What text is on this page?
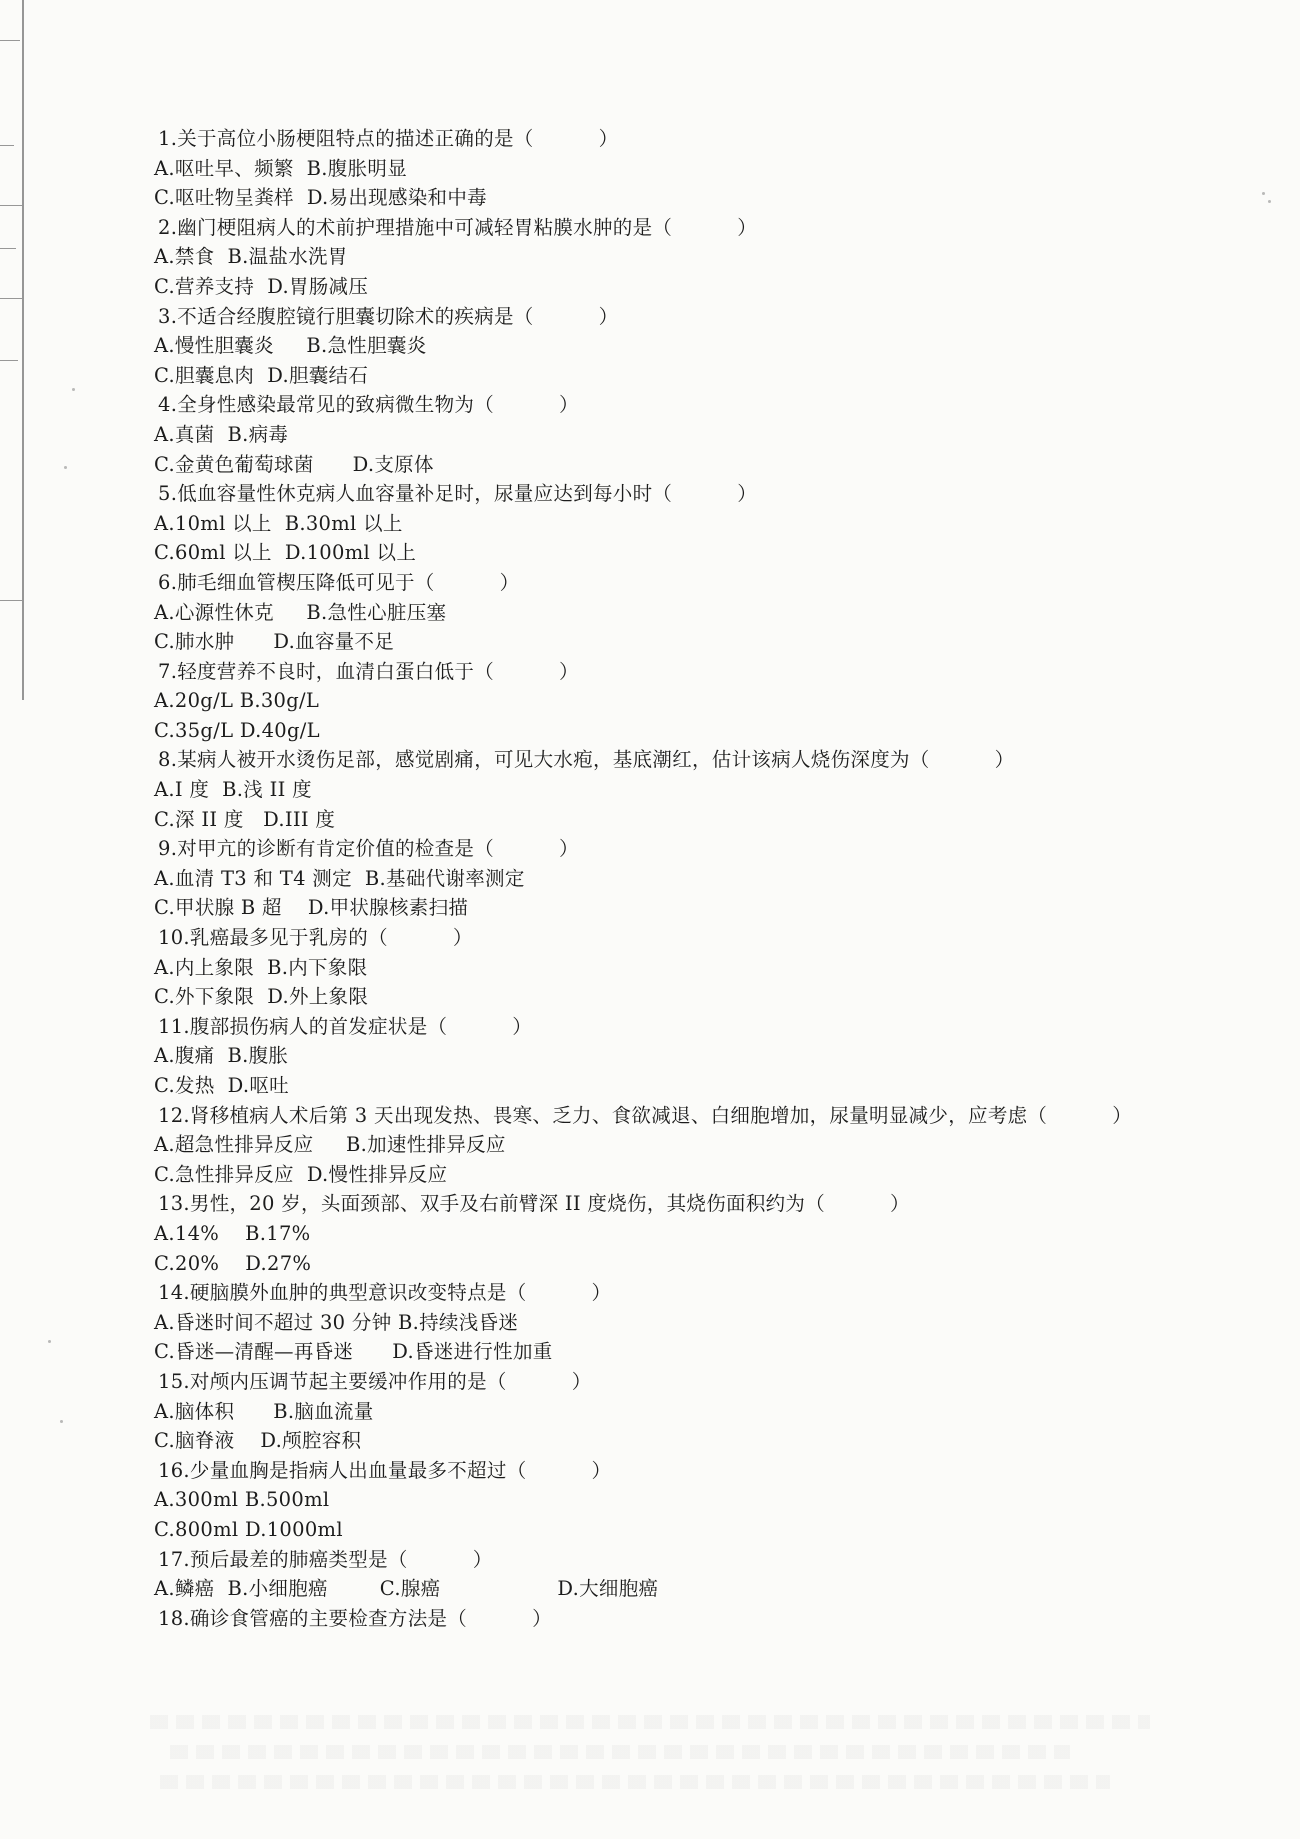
1.关于高位小肠梗阻特点的描述正确的是（          ）
A.呕吐早、频繁  B.腹胀明显
C.呕吐物呈粪样  D.易出现感染和中毒
2.幽门梗阻病人的术前护理措施中可减轻胃粘膜水肿的是（          ）
A.禁食  B.温盐水洗胃
C.营养支持  D.胃肠减压
3.不适合经腹腔镜行胆囊切除术的疾病是（          ）
A.慢性胆囊炎     B.急性胆囊炎
C.胆囊息肉  D.胆囊结石
4.全身性感染最常见的致病微生物为（          ）
A.真菌  B.病毒
C.金黄色葡萄球菌      D.支原体
5.低血容量性休克病人血容量补足时，尿量应达到每小时（          ）
A.10ml 以上  B.30ml 以上
C.60ml 以上  D.100ml 以上
6.肺毛细血管楔压降低可见于（          ）
A.心源性休克     B.急性心脏压塞
C.肺水肿      D.血容量不足
7.轻度营养不良时，血清白蛋白低于（          ）
A.20g/L B.30g/L
C.35g/L D.40g/L
8.某病人被开水烫伤足部，感觉剧痛，可见大水疱，基底潮红，估计该病人烧伤深度为（          ）
A.I 度  B.浅 II 度
C.深 II 度   D.III 度
9.对甲亢的诊断有肯定价值的检查是（          ）
A.血清 T3 和 T4 测定  B.基础代谢率测定
C.甲状腺 B 超    D.甲状腺核素扫描
10.乳癌最多见于乳房的（          ）
A.内上象限  B.内下象限
C.外下象限  D.外上象限
11.腹部损伤病人的首发症状是（          ）
A.腹痛  B.腹胀
C.发热  D.呕吐
12.肾移植病人术后第 3 天出现发热、畏寒、乏力、食欲减退、白细胞增加，尿量明显减少，应考虑（          ）
A.超急性排异反应     B.加速性排异反应
C.急性排异反应  D.慢性排异反应
13.男性，20 岁，头面颈部、双手及右前臂深 II 度烧伤，其烧伤面积约为（          ）
A.14%    B.17%
C.20%    D.27%
14.硬脑膜外血肿的典型意识改变特点是（          ）
A.昏迷时间不超过 30 分钟 B.持续浅昏迷
C.昏迷—清醒—再昏迷      D.昏迷进行性加重
15.对颅内压调节起主要缓冲作用的是（          ）
A.脑体积      B.脑血流量
C.脑脊液    D.颅腔容积
16.少量血胸是指病人出血量最多不超过（          ）
A.300ml B.500ml
C.800ml D.1000ml
17.预后最差的肺癌类型是（          ）
A.鳞癌  B.小细胞癌        C.腺癌                  D.大细胞癌
18.确诊食管癌的主要检查方法是（          ）
